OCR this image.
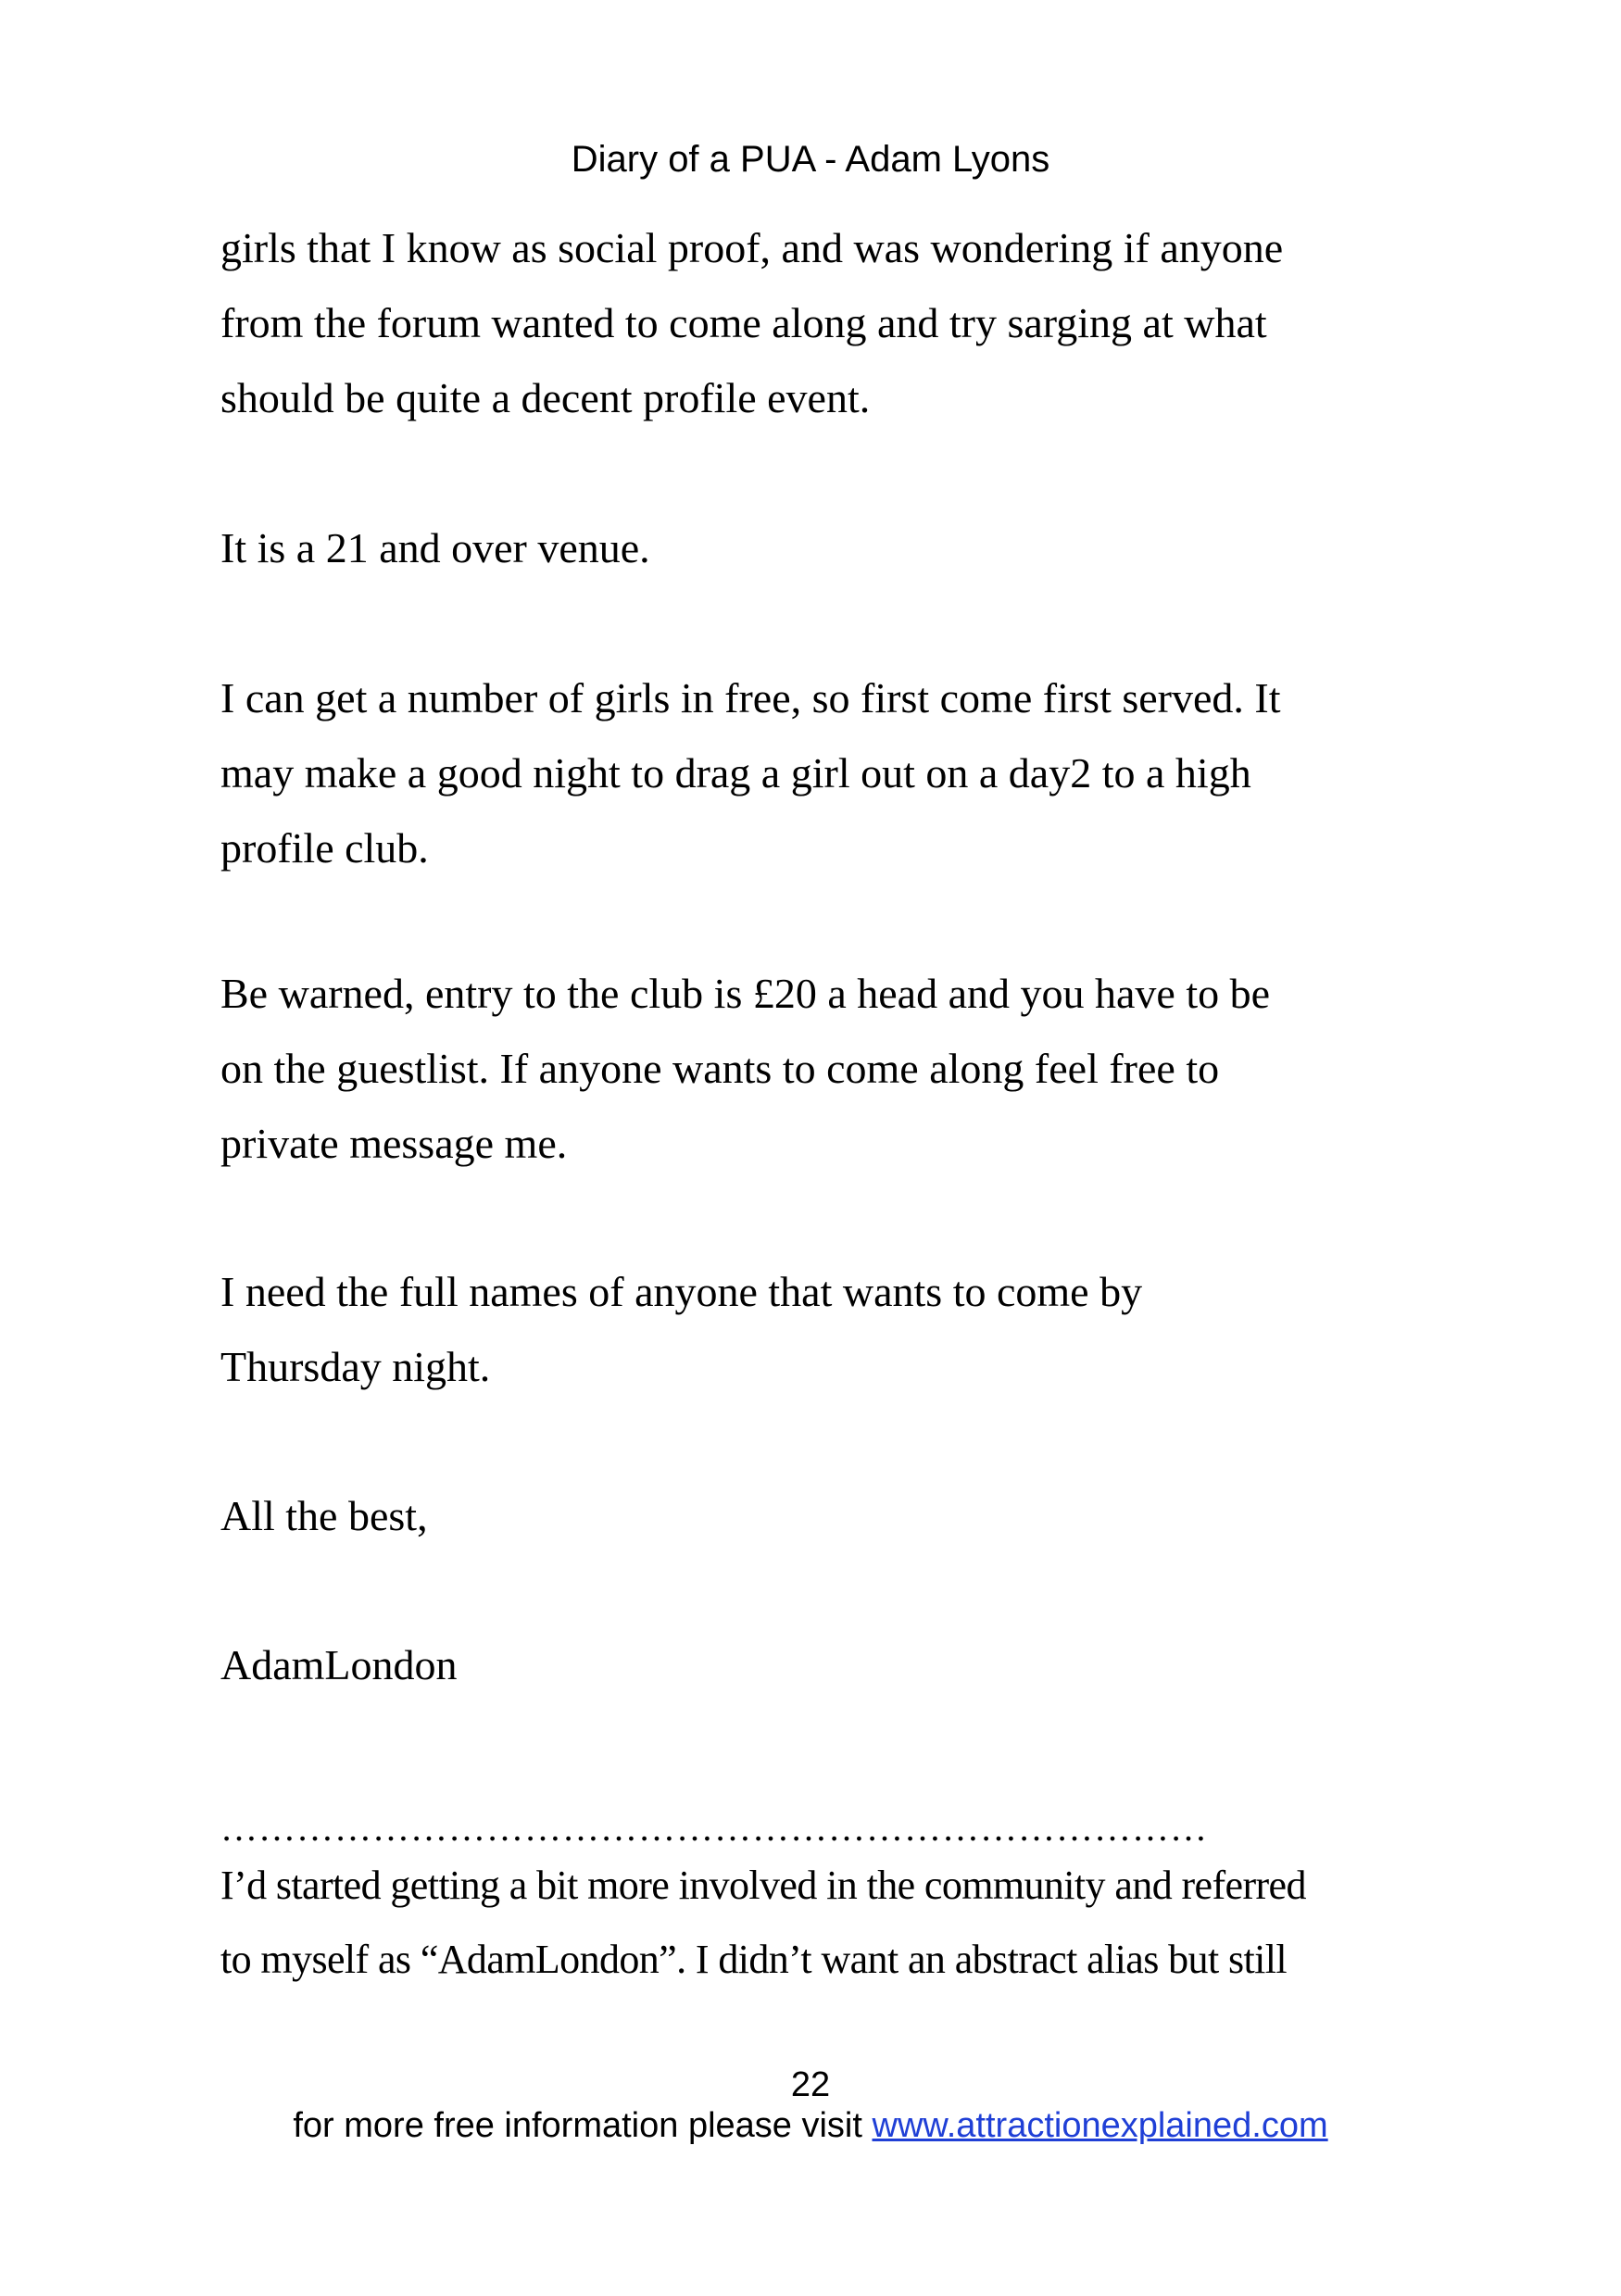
Diary of a PUA - Adam Lyons
girls that I know as social proof, and was wondering if anyone
from the forum wanted to come along and try sarging at what
should be quite a decent profile event.
It is a 21 and over venue.
I can get a number of girls in free, so first come first served. It
may make a good night to drag a girl out on a day2 to a high
profile club.
Be warned, entry to the club is £20 a head and you have to be
on the guestlist. If anyone wants to come along feel free to
private message me.
I need the full names of anyone that wants to come by
Thursday night.
All the best,
AdamLondon
……………………………………………………………………
I’d started getting a bit more involved in the community and referred
to myself as “AdamLondon”. I didn’t want an abstract alias but still
22
for more free information please visit www.attractionexplained.com
